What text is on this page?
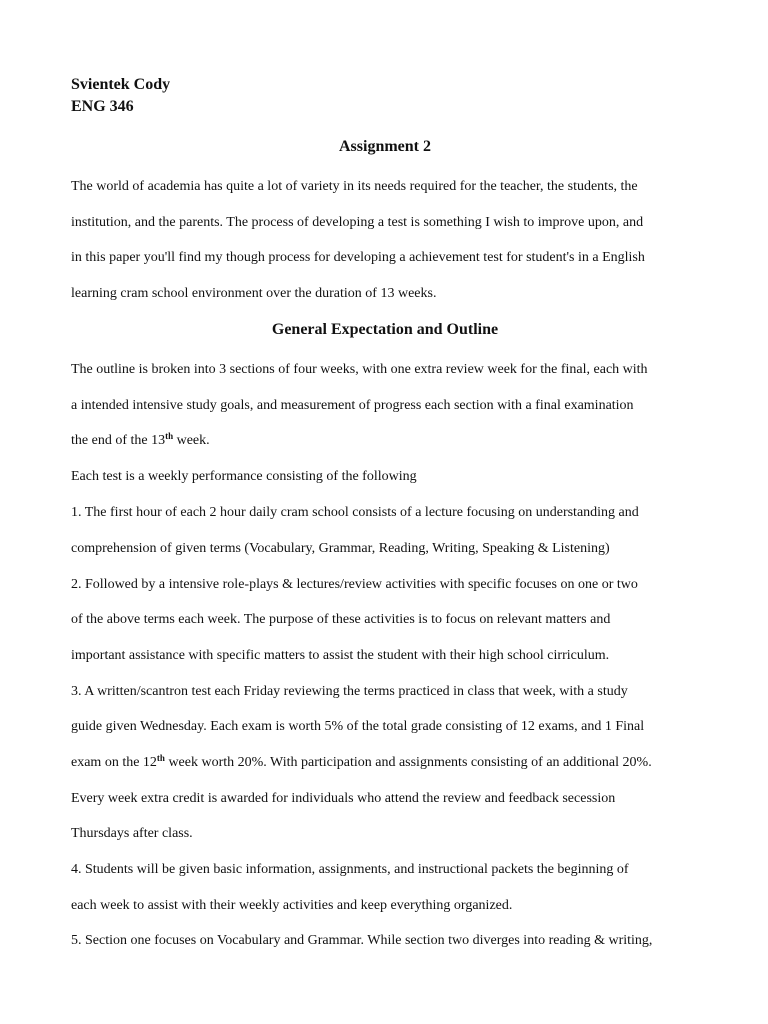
Svientek Cody
ENG 346
Assignment 2
The world of academia has quite a lot of variety in its needs required for the teacher, the students, the
institution, and the parents. The process of developing a test is something I wish to improve upon, and
in this paper you'll find my though process for developing a achievement test for student's in a English
learning cram school environment over the duration of 13 weeks.
General Expectation and Outline
The outline is broken into 3 sections of four weeks, with one extra review week for the final, each with
a intended intensive study goals, and measurement of progress each section with a final examination
the end of the 13th week.
Each test is a weekly performance consisting of the following
1. The first hour of each 2 hour daily cram school consists of a lecture focusing on understanding and
comprehension of given terms (Vocabulary, Grammar, Reading, Writing, Speaking & Listening)
2. Followed by a intensive role-plays & lectures/review activities with specific focuses on one or two
of the above terms each week. The purpose of these activities is to focus on relevant matters and
important assistance with specific matters to assist the student with their high school cirriculum.
3. A written/scantron test each Friday reviewing the terms practiced in class that week, with a study
guide given Wednesday. Each exam is worth 5% of the total grade consisting of 12 exams, and 1 Final
exam on the 12th week worth 20%. With participation and assignments consisting of an additional 20%.
Every week extra credit is awarded for individuals who attend the review and feedback secession
Thursdays after class.
4. Students will be given basic information, assignments, and instructional packets the beginning of
each week to assist with their weekly activities and keep everything organized.
5. Section one focuses on Vocabulary and Grammar. While section two diverges into reading & writing,
